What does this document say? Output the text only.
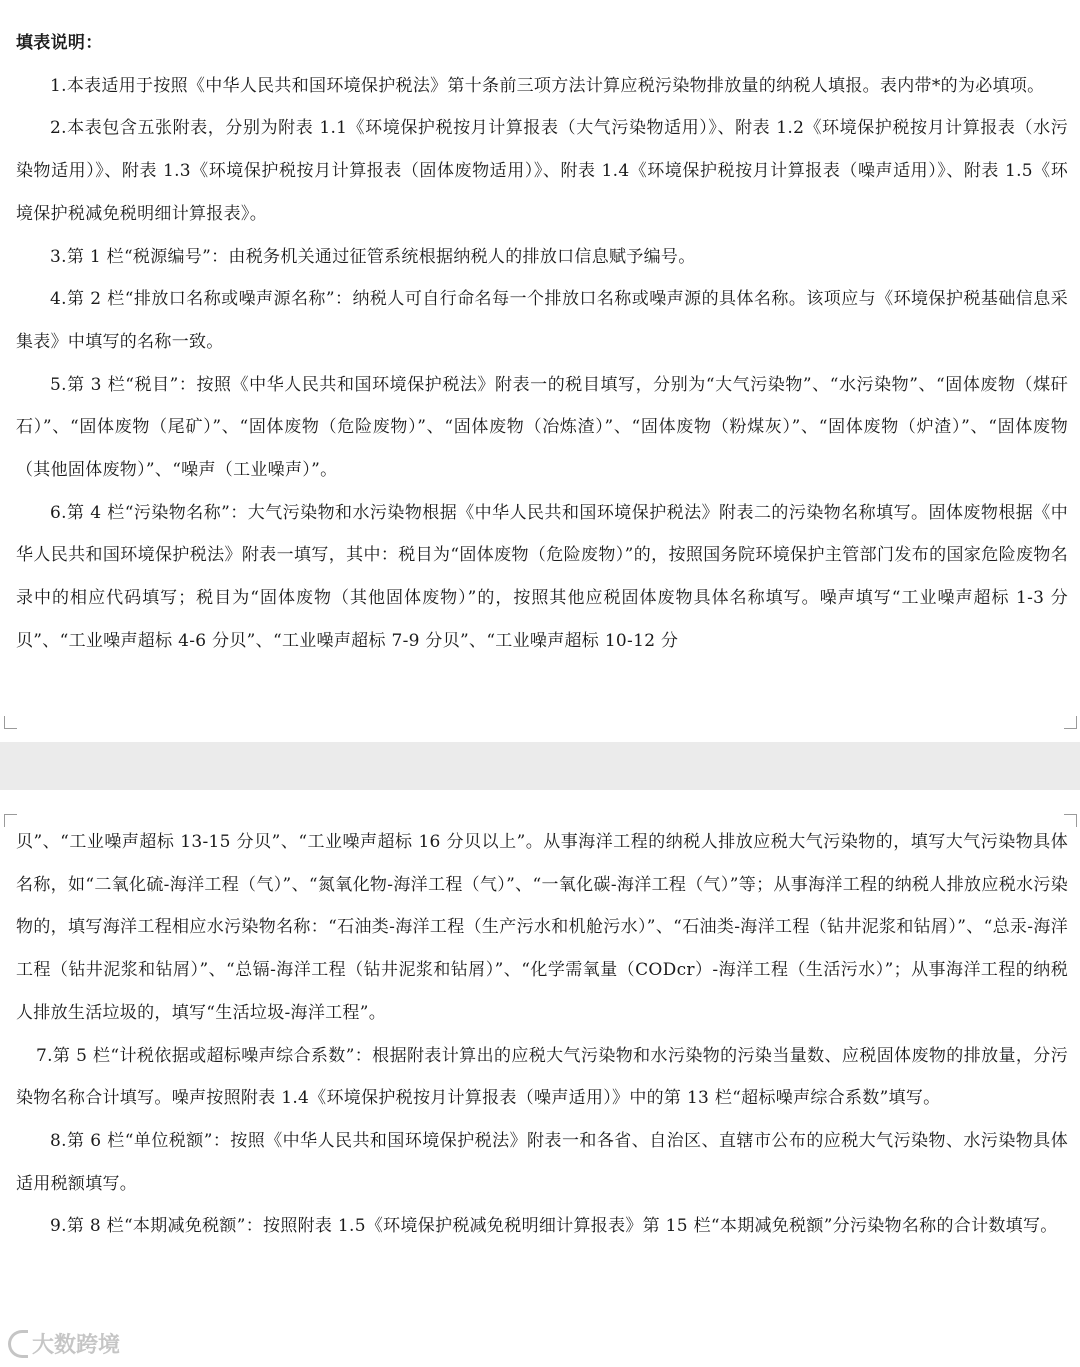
填表说明：

1.本表适用于按照《中华人民共和国环境保护税法》第十条前三项方法计算应税污染物排放量的纳税人填报。表内带*的为必填项。

2.本表包含五张附表，分别为附表 1.1《环境保护税按月计算报表（大气污染物适用）》、附表 1.2《环境保护税按月计算报表（水污染物适用）》、附表 1.3《环境保护税按月计算报表（固体废物适用）》、附表 1.4《环境保护税按月计算报表（噪声适用）》、附表 1.5《环境保护税减免税明细计算报表》。

3.第 1 栏“税源编号”：由税务机关通过征管系统根据纳税人的排放口信息赋予编号。

4.第 2 栏“排放口名称或噪声源名称”：纳税人可自行命名每一个排放口名称或噪声源的具体名称。该项应与《环境保护税基础信息采集表》中填写的名称一致。

5.第 3 栏“税目”：按照《中华人民共和国环境保护税法》附表一的税目填写，分别为“大气污染物”、“水污染物”、“固体废物（煤矸石）”、“固体废物（尾矿）”、“固体废物（危险废物）”、“固体废物（冶炼渣）”、“固体废物（粉煤灰）”、“固体废物（炉渣）”、“固体废物（其他固体废物）”、“噪声（工业噪声）”。

6.第 4 栏“污染物名称”：大气污染物和水污染物根据《中华人民共和国环境保护税法》附表二的污染物名称填写。固体废物根据《中华人民共和国环境保护税法》附表一填写，其中：税目为“固体废物（危险废物）”的，按照国务院环境保护主管部门发布的国家危险废物名录中的相应代码填写；税目为“固体废物（其他固体废物）”的，按照其他应税固体废物具体名称填写。噪声填写“工业噪声超标 1-3 分贝”、“工业噪声超标 4-6 分贝”、“工业噪声超标 7-9 分贝”、“工业噪声超标 10-12 分

贝”、“工业噪声超标 13-15 分贝”、“工业噪声超标 16 分贝以上”。从事海洋工程的纳税人排放应税大气污染物的，填写大气污染物具体名称，如“二氧化硫-海洋工程（气）”、“氮氧化物-海洋工程（气）”、“一氧化碳-海洋工程（气）”等；从事海洋工程的纳税人排放应税水污染物的，填写海洋工程相应水污染物名称：“石油类-海洋工程（生产污水和机舱污水）”、“石油类-海洋工程（钻井泥浆和钻屑）”、“总汞-海洋工程（钻井泥浆和钻屑）”、“总镉-海洋工程（钻井泥浆和钻屑）”、“化学需氧量（CODcr）-海洋工程（生活污水）”；从事海洋工程的纳税人排放生活垃圾的，填写“生活垃圾-海洋工程”。

7.第 5 栏“计税依据或超标噪声综合系数”：根据附表计算出的应税大气污染物和水污染物的污染当量数、应税固体废物的排放量，分污染物名称合计填写。噪声按照附表 1.4《环境保护税按月计算报表（噪声适用）》中的第 13 栏“超标噪声综合系数”填写。

8.第 6 栏“单位税额”：按照《中华人民共和国环境保护税法》附表一和各省、自治区、直辖市公布的应税大气污染物、水污染物具体适用税额填写。

9.第 8 栏“本期减免税额”：按照附表 1.5《环境保护税减免税明细计算报表》第 15 栏“本期减免税额”分污染物名称的合计数填写。

大数跨境
